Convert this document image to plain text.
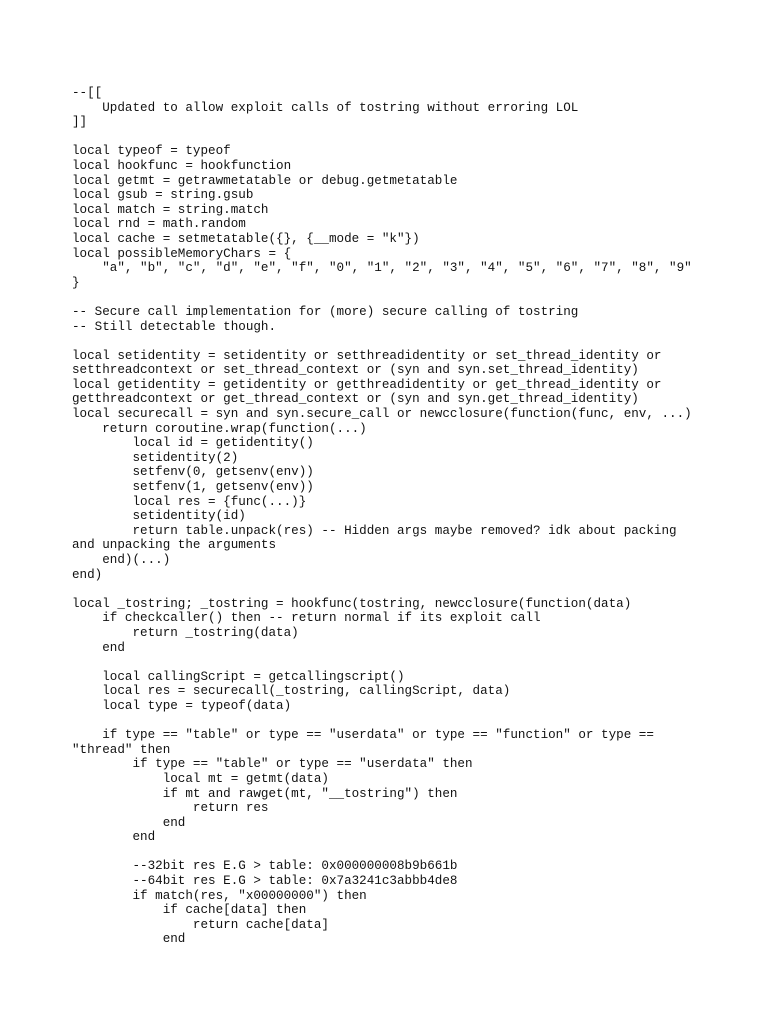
--[[
Updated to allow exploit calls of tostring without erroring LOL
]]
local typeof = typeof
local hookfunc = hookfunction
local getmt = getrawmetatable or debug.getmetatable
local gsub = string.gsub
local match = string.match
local rnd = math.random
local cache = setmetatable({}, {__mode = "k"})
local possibleMemoryChars = {
"a", "b", "c", "d", "e", "f", "0", "1", "2", "3", "4", "5", "6", "7", "8", "9"
}
-- Secure call implementation for (more) secure calling of tostring
-- Still detectable though.
local setidentity = setidentity or setthreadidentity or set_thread_identity or
setthreadcontext or set_thread_context or (syn and syn.set_thread_identity)
local getidentity = getidentity or getthreadidentity or get_thread_identity or
getthreadcontext or get_thread_context or (syn and syn.get_thread_identity)
local securecall = syn and syn.secure_call or newcclosure(function(func, env, ...)
return coroutine.wrap(function(...)
local id = getidentity()
setidentity(2)
setfenv(0, getsenv(env))
setfenv(1, getsenv(env))
local res = {func(...)}
setidentity(id)
return table.unpack(res) -- Hidden args maybe removed? idk about packing
and unpacking the arguments
end)(...)
end)
local _tostring; _tostring = hookfunc(tostring, newcclosure(function(data)
if checkcaller() then -- return normal if its exploit call
return _tostring(data)
end
local callingScript = getcallingscript()
local res = securecall(_tostring, callingScript, data)
local type = typeof(data)
if type == "table" or type == "userdata" or type == "function" or type ==
"thread" then
if type == "table" or type == "userdata" then
local mt = getmt(data)
if mt and rawget(mt, "__tostring") then
return res
end
end
--32bit res E.G > table: 0x000000008b9b661b
--64bit res E.G > table: 0x7a3241c3abbb4de8
if match(res, "x00000000") then
if cache[data] then
return cache[data]
end
